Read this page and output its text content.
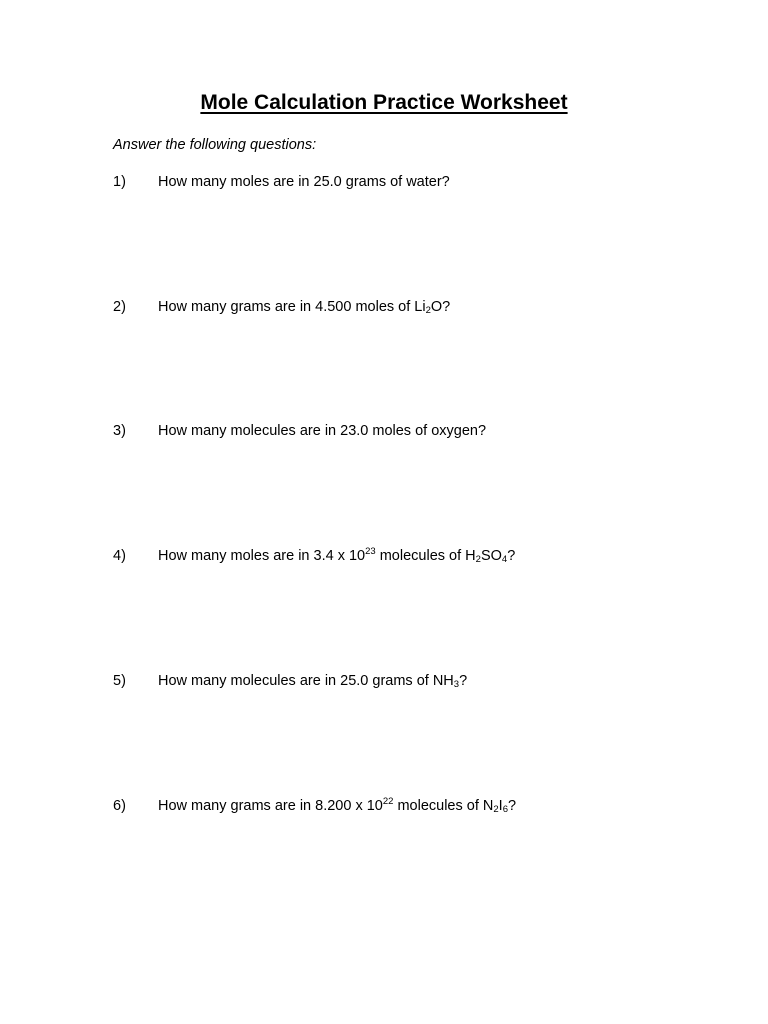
Mole Calculation Practice Worksheet
Answer the following questions:
1) How many moles are in 25.0 grams of water?
2) How many grams are in 4.500 moles of $Li_2O$?
3) How many molecules are in 23.0 moles of oxygen?
4) How many moles are in 3.4 x $10^{23}$ molecules of $H_2SO_4$?
5) How many molecules are in 25.0 grams of $NH_3$?
6) How many grams are in 8.200 x $10^{22}$ molecules of $N_2I_6$?
